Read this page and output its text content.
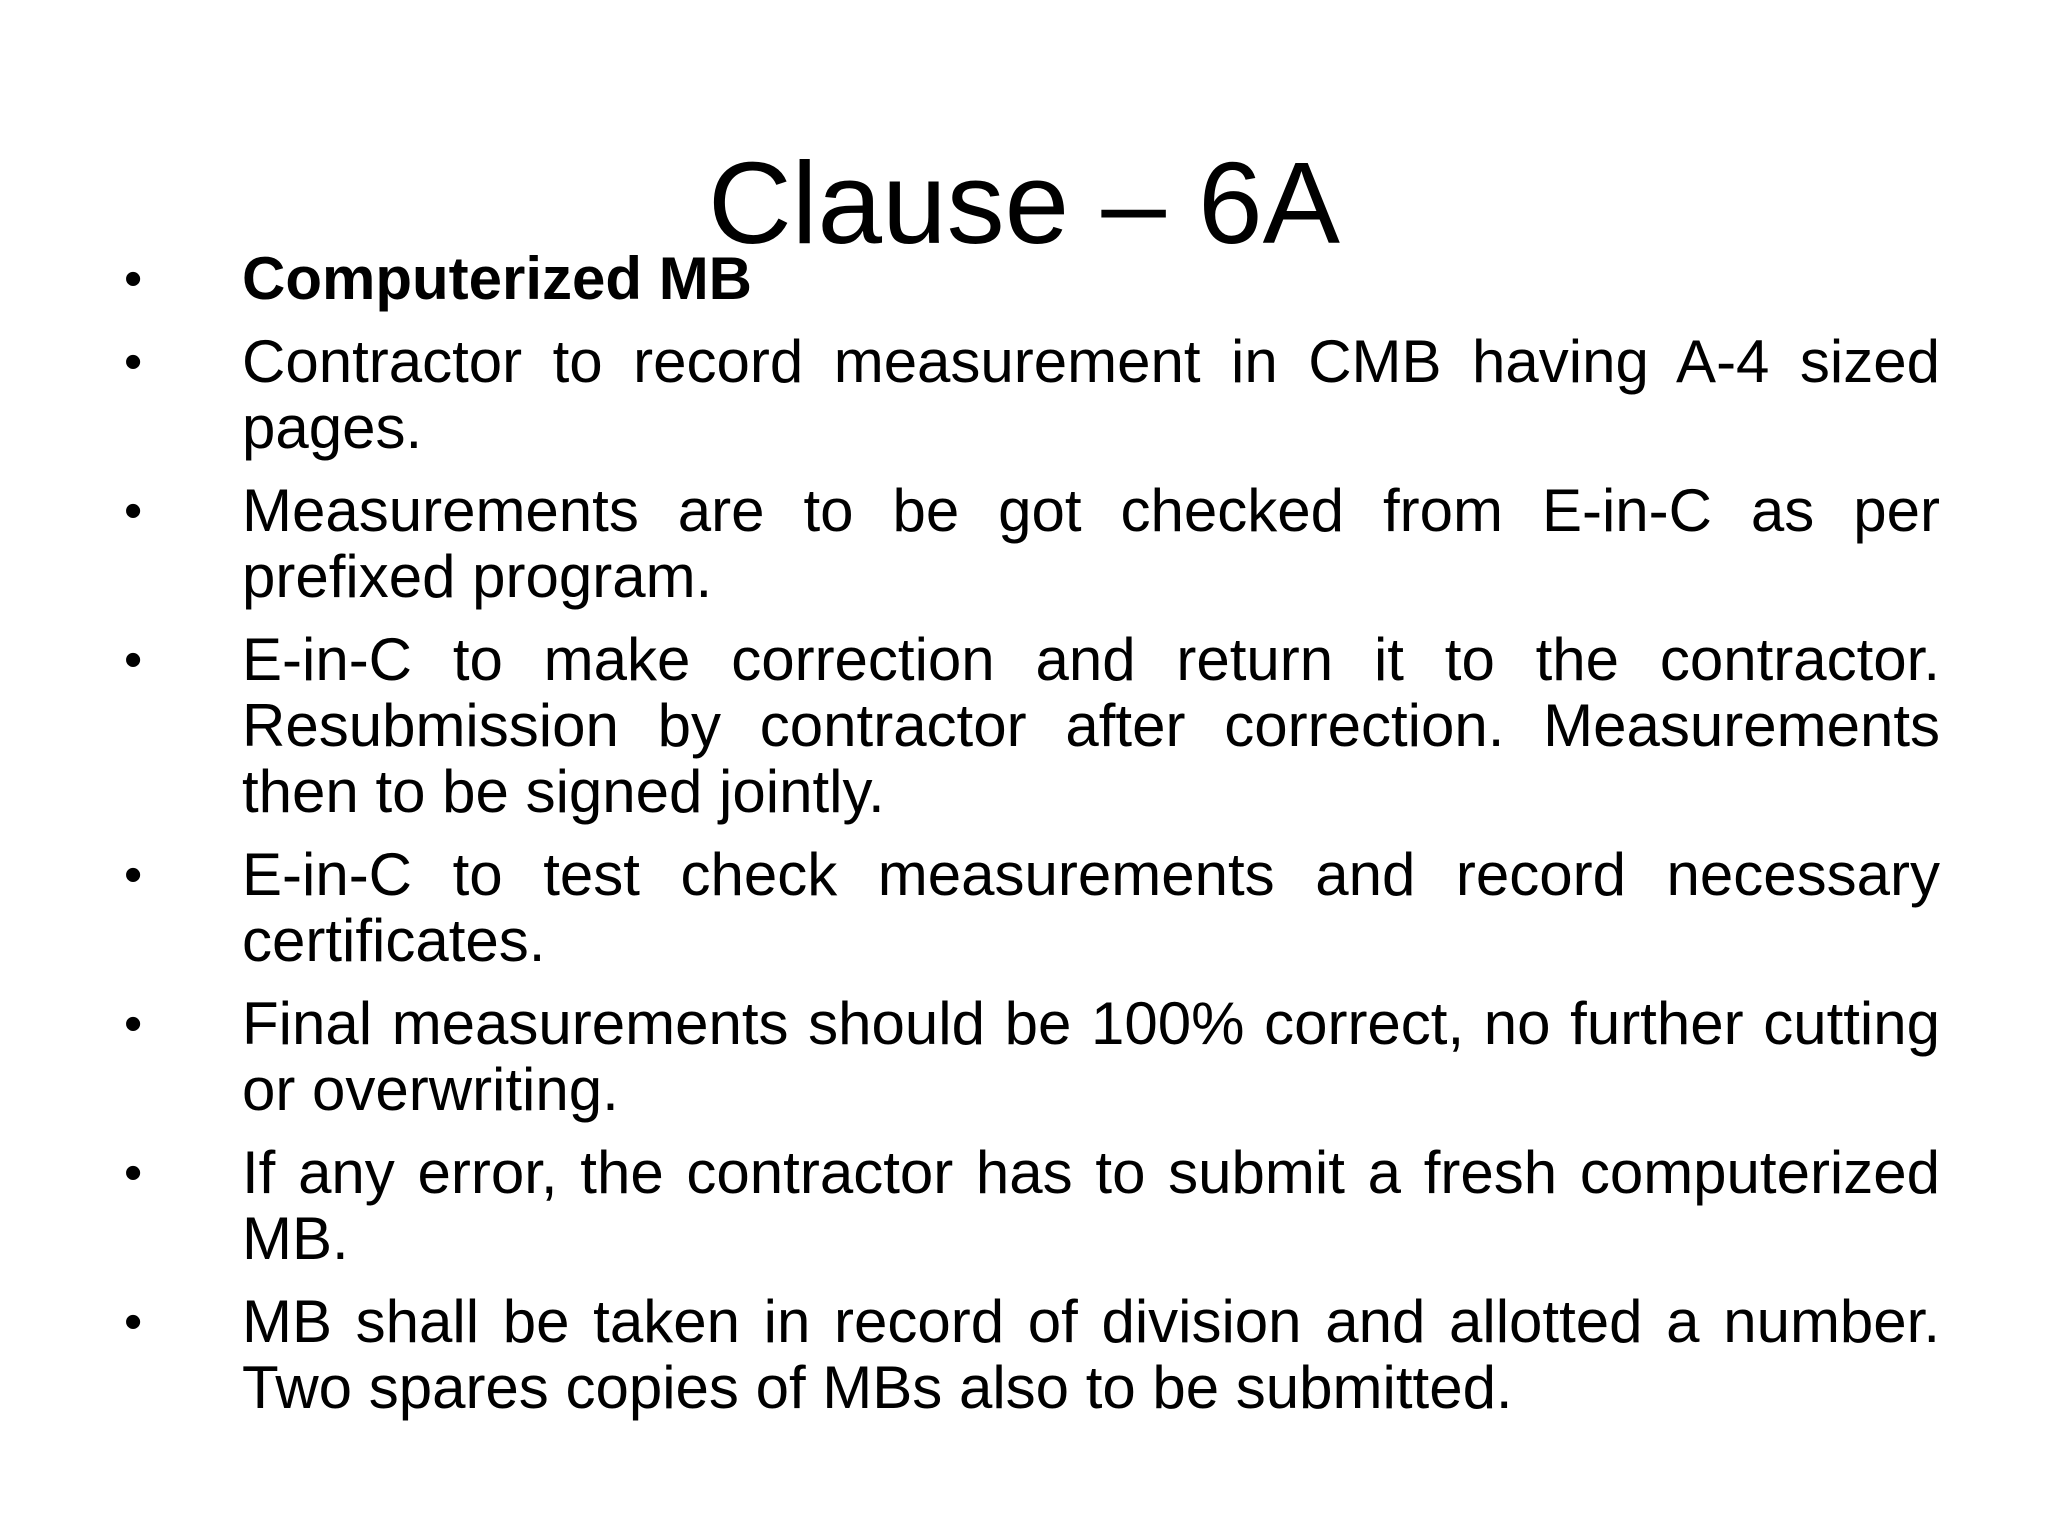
Clause – 6A
•	Computerized MB
•	Contractor to record measurement in CMB having A-4 sized pages.
•	Measurements are to be got checked from E-in-C as per prefixed program.
•	E-in-C to make correction and return it to the contractor. Resubmission by contractor after correction. Measurements then to be signed jointly.
•	E-in-C to test check measurements and record necessary certificates.
•	Final measurements should be 100% correct, no further cutting or overwriting.
•	If any error, the contractor has to submit a fresh computerized MB.
•	MB shall be taken in record of division and allotted a number. Two spares copies of MBs also to be submitted.
